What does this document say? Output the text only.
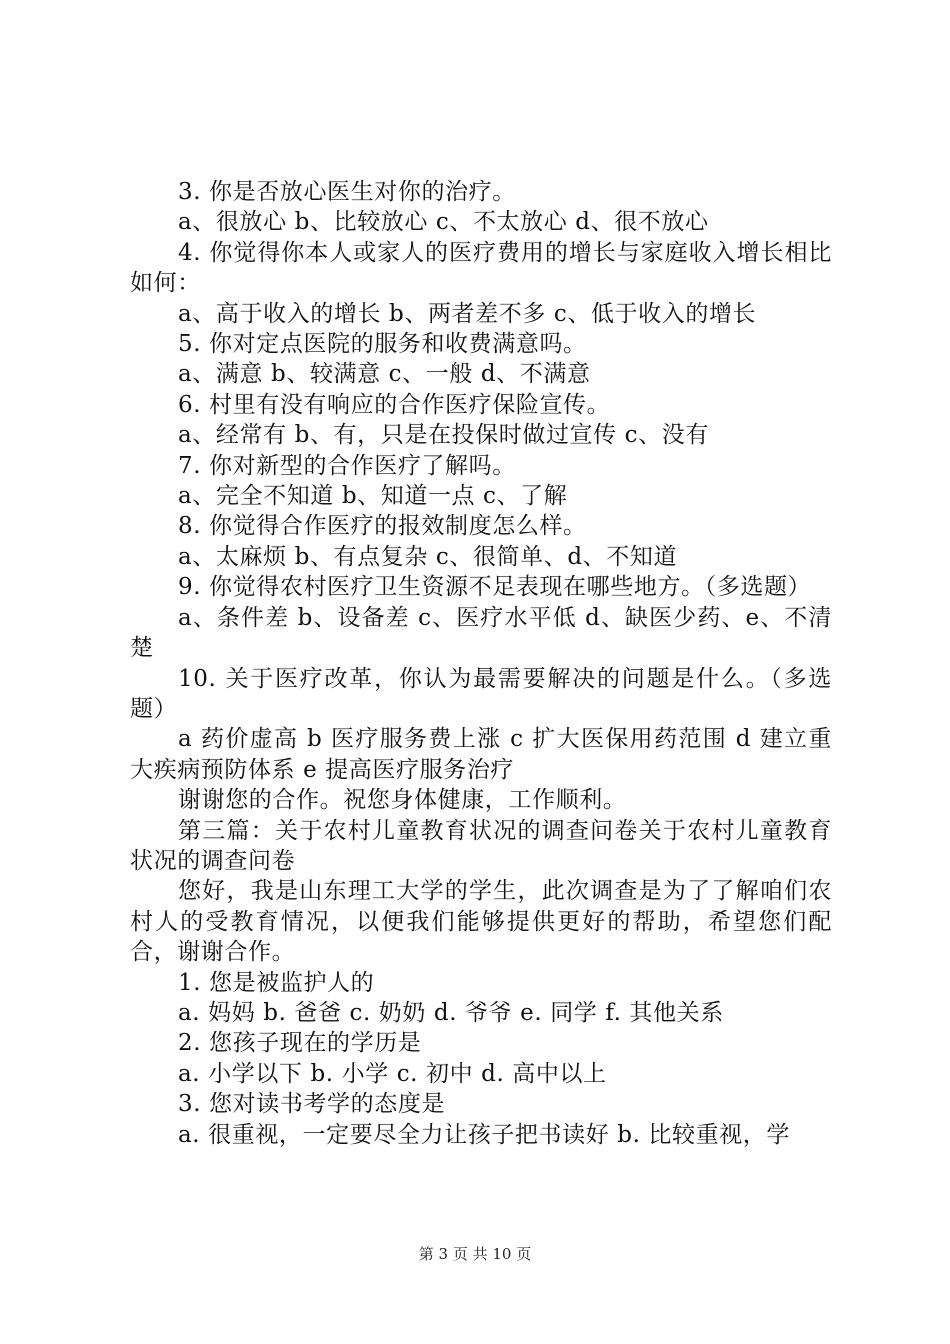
3. 你是否放心医生对你的治疗。

a、很放心 b、比较放心 c、不太放心 d、很不放心

4. 你觉得你本人或家人的医疗费用的增长与家庭收入增长相比如何：

a、高于收入的增长 b、两者差不多 c、低于收入的增长

5. 你对定点医院的服务和收费满意吗。

a、满意 b、较满意 c、一般 d、不满意

6. 村里有没有响应的合作医疗保险宣传。

a、经常有 b、有，只是在投保时做过宣传 c、没有

7. 你对新型的合作医疗了解吗。

a、完全不知道 b、知道一点 c、了解

8. 你觉得合作医疗的报效制度怎么样。

a、太麻烦 b、有点复杂 c、很简单、d、不知道

9. 你觉得农村医疗卫生资源不足表现在哪些地方。（多选题）

a、条件差 b、设备差 c、医疗水平低 d、缺医少药、e、不清楚

10. 关于医疗改革，你认为最需要解决的问题是什么。（多选题）

a 药价虚高 b 医疗服务费上涨 c 扩大医保用药范围 d 建立重大疾病预防体系 e 提高医疗服务治疗

谢谢您的合作。祝您身体健康，工作顺利。

第三篇：关于农村儿童教育状况的调查问卷关于农村儿童教育状况的调查问卷

您好，我是山东理工大学的学生，此次调查是为了了解咱们农村人的受教育情况，以便我们能够提供更好的帮助，希望您们配合，谢谢合作。

1. 您是被监护人的

a. 妈妈 b. 爸爸 c. 奶奶 d. 爷爷 e. 同学 f. 其他关系

2. 您孩子现在的学历是

a. 小学以下 b. 小学 c. 初中 d. 高中以上

3. 您对读书考学的态度是

a. 很重视，一定要尽全力让孩子把书读好 b. 比较重视，学

第 3 页 共 10 页
